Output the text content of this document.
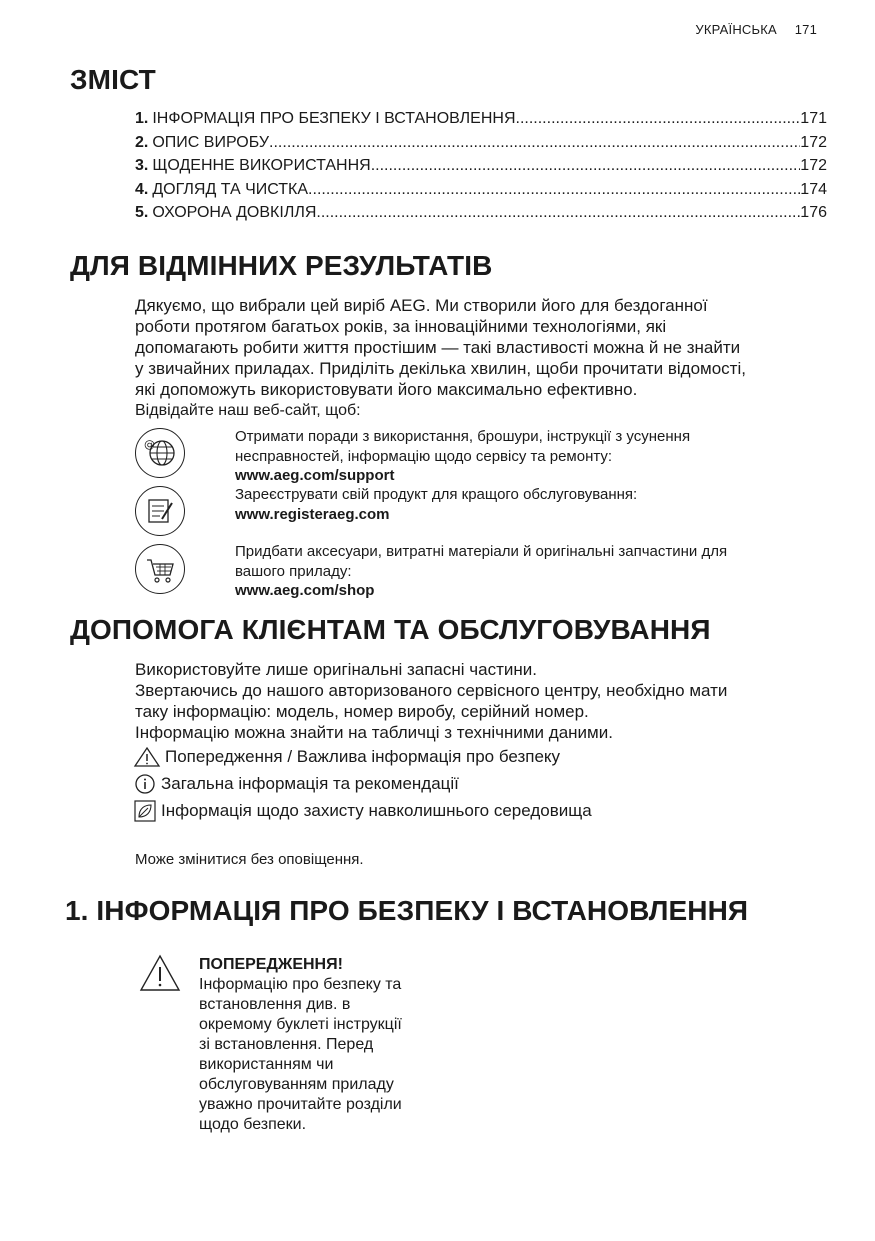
УКРАЇНСЬКА 171
ЗМІСТ
1. ІНФОРМАЦІЯ ПРО БЕЗПЕКУ І ВСТАНОВЛЕННЯ .....	171
2. ОПИС ВИРОБУ .....	172
3. ЩОДЕННЕ ВИКОРИСТАННЯ .....	172
4. ДОГЛЯД ТА ЧИСТКА .....	174
5. ОХОРОНА ДОВКІЛЛЯ .....	176
ДЛЯ ВІДМІННИХ РЕЗУЛЬТАТІВ
Дякуємо, що вибрали цей виріб AEG. Ми створили його для бездоганної
роботи протягом багатьох років, за інноваційними технологіями, які
допомагають робити життя простішим — такі властивості можна й не знайти
у звичайних приладах. Приділіть декілька хвилин, щоби прочитати відомості,
які допоможуть використовувати його максимально ефективно.
Відвідайте наш веб-сайт, щоб:
@	Отримати поради з використання, брошури, інструкції з усунення
несправностей, інформацію щодо сервісу та ремонту:
www.aeg.com/support
Зареєструвати свій продукт для кращого обслуговування:
www.registeraeg.com
Придбати аксесуари, витратні матеріали й оригінальні запчастини для
вашого приладу:
www.aeg.com/shop
ДОПОМОГА КЛІЄНТАМ ТА ОБСЛУГОВУВАННЯ
Використовуйте лише оригінальні запасні частини.
Звертаючись до нашого авторизованого сервісного центру, необхідно мати
таку інформацію: модель, номер виробу, серійний номер.
Інформацію можна знайти на табличці з технічними даними.
Попередження / Важлива інформація про безпеку
Загальна інформація та рекомендації
Інформація щодо захисту навколишнього середовища
Може змінитися без оповіщення.
1. ІНФОРМАЦІЯ ПРО БЕЗПЕКУ І ВСТАНОВЛЕННЯ
ПОПЕРЕДЖЕННЯ!
Інформацію про безпеку та
встановлення див. в
окремому буклеті інструкції
зі встановлення. Перед
використанням чи
обслуговуванням приладу
уважно прочитайте розділи
щодо безпеки.
